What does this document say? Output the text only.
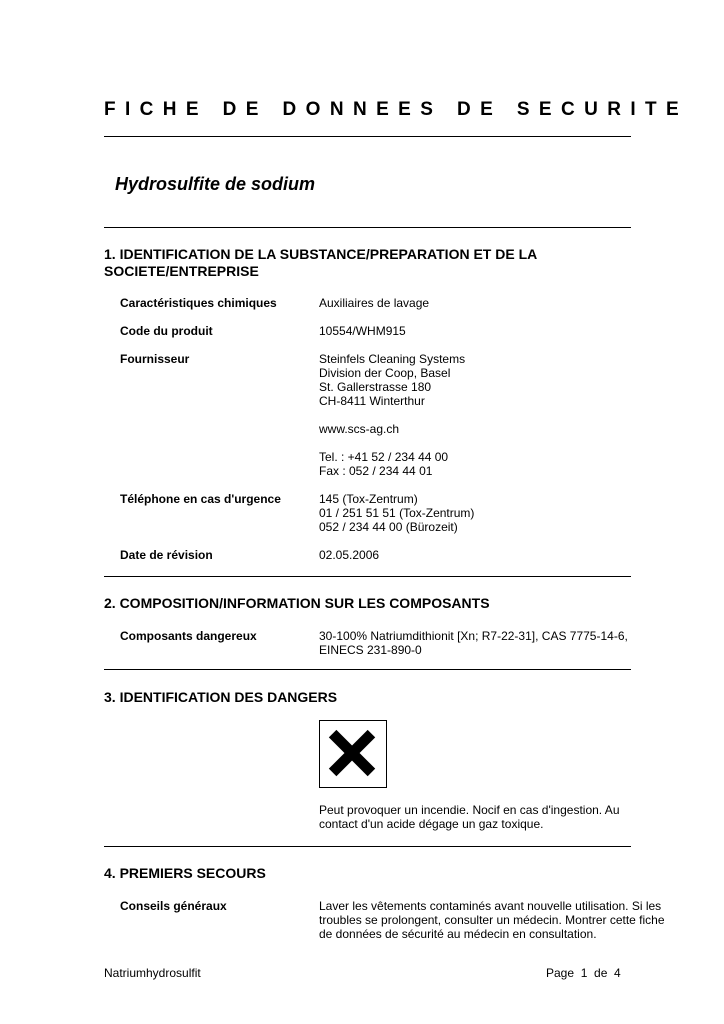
FICHE DE DONNEES DE SECURITE
Hydrosulfite de sodium
1. IDENTIFICATION DE LA SUBSTANCE/PREPARATION ET DE LA
SOCIETE/ENTREPRISE
Caractéristiques chimiques	Auxiliaires de lavage
Code du produit	10554/WHM915
Fournisseur	Steinfels Cleaning Systems
Division der Coop, Basel
St. Gallerstrasse 180
CH-8411 Winterthur
www.scs-ag.ch
Tel. : +41 52 / 234 44 00
Fax : 052 / 234 44 01
Téléphone en cas d'urgence	145 (Tox-Zentrum)
01 / 251 51 51 (Tox-Zentrum)
052 / 234 44 00 (Bürozeit)
Date de révision	02.05.2006
2. COMPOSITION/INFORMATION SUR LES COMPOSANTS
Composants dangereux	30-100% Natriumdithionit [Xn; R7-22-31], CAS 7775-14-6,
EINECS 231-890-0
3. IDENTIFICATION DES DANGERS
Peut provoquer un incendie. Nocif en cas d'ingestion. Au
contact d'un acide dégage un gaz toxique.
4. PREMIERS SECOURS
Conseils généraux	Laver les vêtements contaminés avant nouvelle utilisation. Si les
troubles se prolongent, consulter un médecin. Montrer cette fiche
de données de sécurité au médecin en consultation.
Natriumhydrosulfit	Page  1  de  4
